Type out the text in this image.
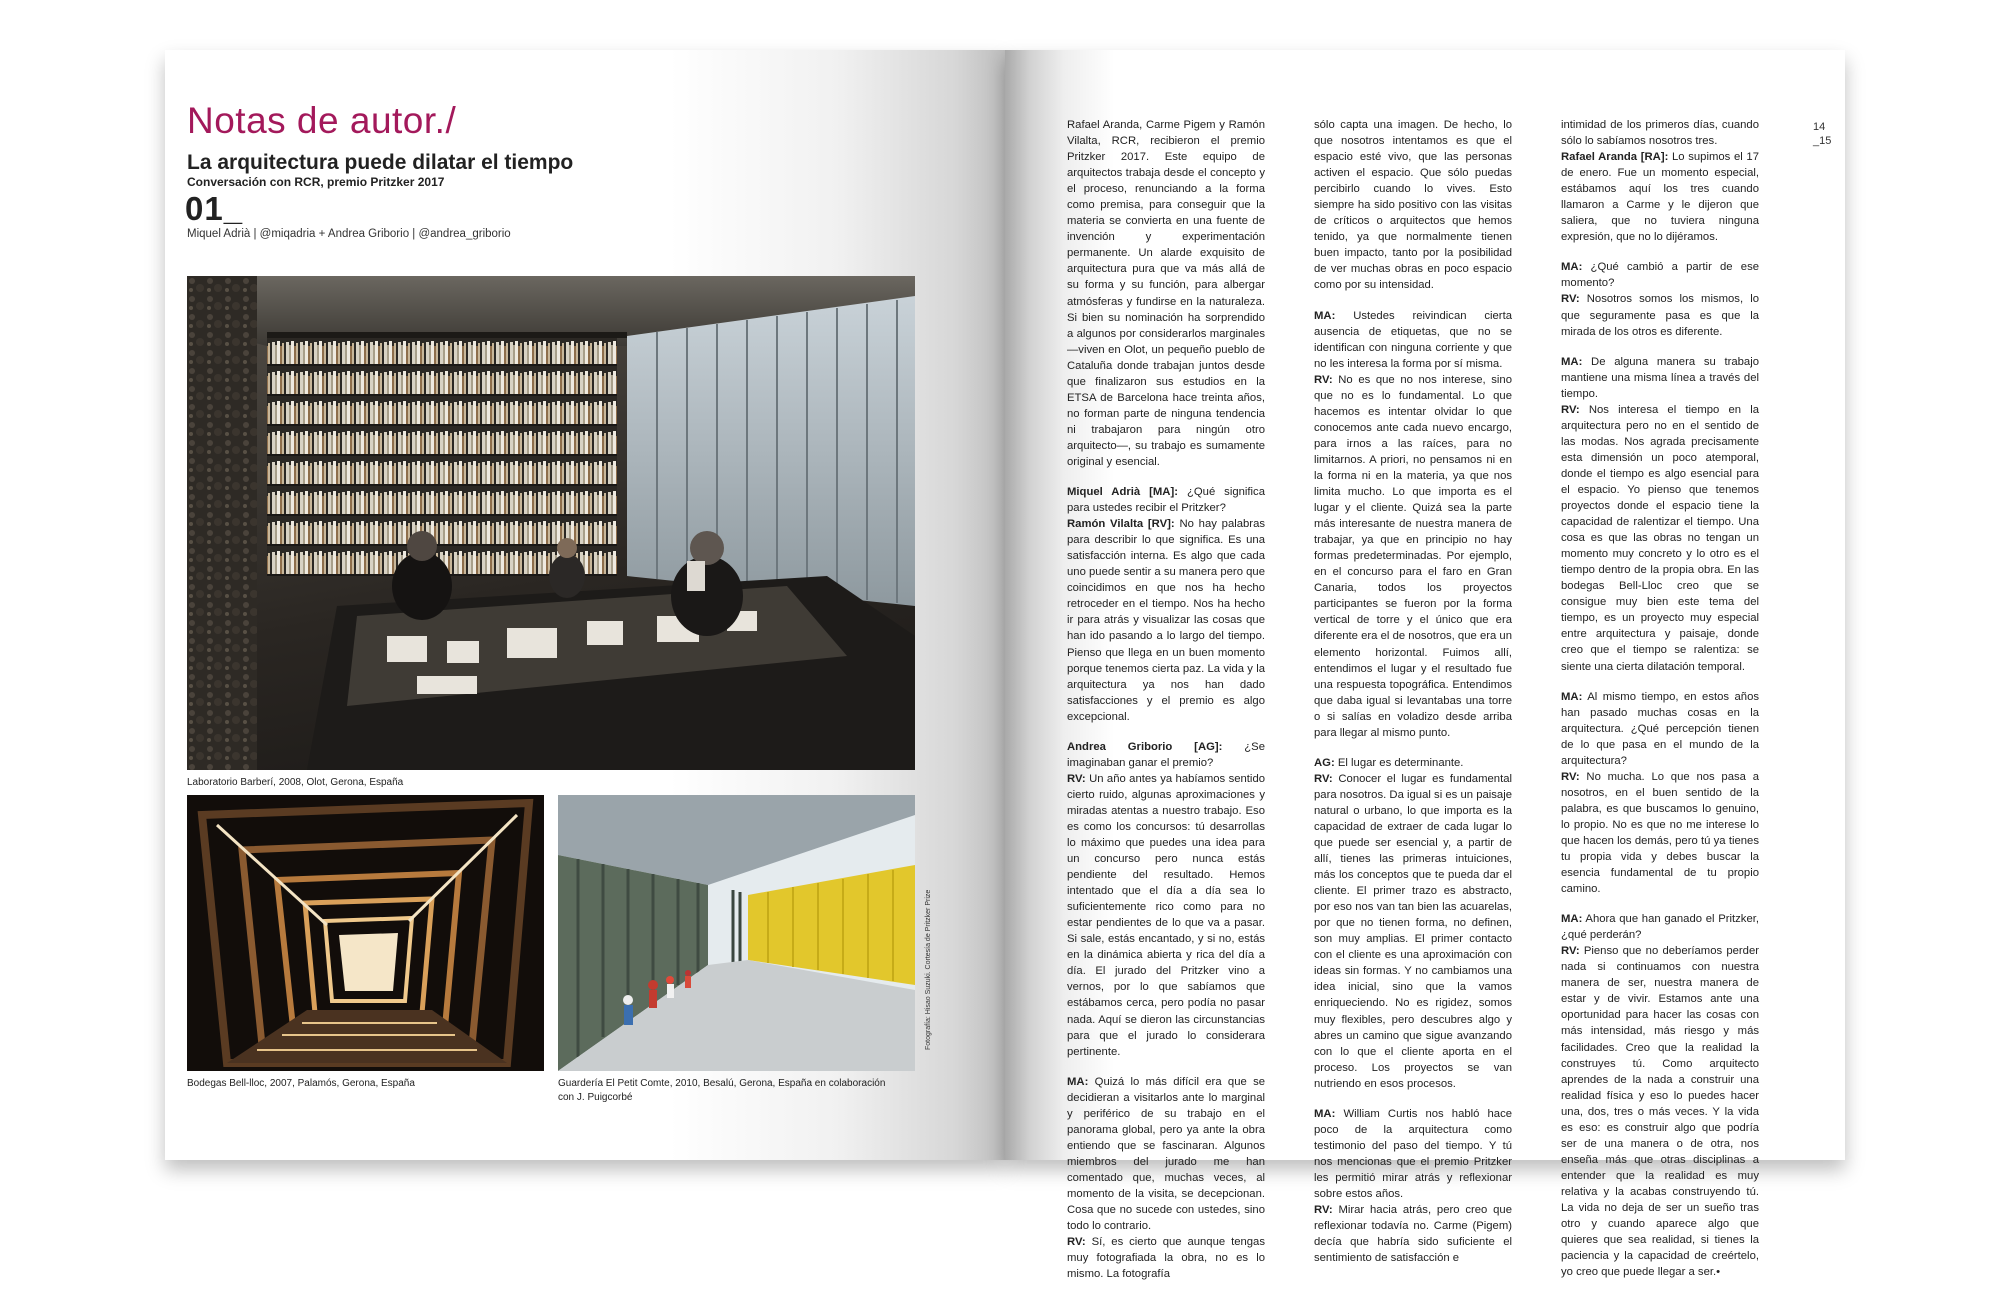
Notas de autor./
La arquitectura puede dilatar el tiempo
Conversación con RCR, premio Pritzker 2017
01_
Miquel Adrià | @miqadria + Andrea Griborio | @andrea_griborio
Laboratorio Barberí, 2008, Olot, Gerona, España
Bodegas Bell-lloc, 2007, Palamós, Gerona, España	Guardería El Petit Comte, 2010, Besalú, Gerona, España en colaboración con J. Puigcorbé
Fotografía: Hisao Suzuki. Cortesía de Pritzker Prize

Rafael Aranda, Carme Pigem y Ramón Vilalta, RCR, recibieron el premio Pritzker 2017. Este equipo de arquitectos trabaja desde el concepto y el proceso, renunciando a la forma como premisa, para conseguir que la materia se convierta en una fuente de invención y experimentación permanente. Un alarde exquisito de arquitectura pura que va más allá de su forma y su función, para albergar atmósferas y fundirse en la naturaleza. Si bien su nominación ha sorprendido a algunos por considerarlos marginales —viven en Olot, un pequeño pueblo de Cataluña donde trabajan juntos desde que finalizaron sus estudios en la ETSA de Barcelona hace treinta años, no forman parte de ninguna tendencia ni trabajaron para ningún otro arquitecto—, su trabajo es sumamente original y esencial.

Miquel Adrià [MA]: ¿Qué significa para ustedes recibir el Pritzker?
Ramón Vilalta [RV]: No hay palabras para describir lo que significa. Es una satisfacción interna. Es algo que cada uno puede sentir a su manera pero que coincidimos en que nos ha hecho retroceder en el tiempo. Nos ha hecho ir para atrás y visualizar las cosas que han ido pasando a lo largo del tiempo. Pienso que llega en un buen momento porque tenemos cierta paz. La vida y la arquitectura ya nos han dado satisfacciones y el premio es algo excepcional.

Andrea Griborio [AG]: ¿Se imaginaban ganar el premio?
RV: Un año antes ya habíamos sentido cierto ruido, algunas aproximaciones y miradas atentas a nuestro trabajo. Eso es como los concursos: tú desarrollas lo máximo que puedes una idea para un concurso pero nunca estás pendiente del resultado. Hemos intentado que el día a día sea lo suficientemente rico como para no estar pendientes de lo que va a pasar. Si sale, estás encantado, y si no, estás en la dinámica abierta y rica del día a día. El jurado del Pritzker vino a vernos, por lo que sabíamos que estábamos cerca, pero podía no pasar nada. Aquí se dieron las circunstancias para que el jurado lo considerara pertinente.

MA: Quizá lo más difícil era que se decidieran a visitarlos ante lo marginal y periférico de su trabajo en el panorama global, pero ya ante la obra entiendo que se fascinaran. Algunos miembros del jurado me han comentado que, muchas veces, al momento de la visita, se decepcionan. Cosa que no sucede con ustedes, sino todo lo contrario.
RV: Sí, es cierto que aunque tengas muy fotografiada la obra, no es lo mismo. La fotografía

sólo capta una imagen. De hecho, lo que nosotros intentamos es que el espacio esté vivo, que las personas activen el espacio. Que sólo puedas percibirlo cuando lo vives. Esto siempre ha sido positivo con las visitas de críticos o arquitectos que hemos tenido, ya que normalmente tienen buen impacto, tanto por la posibilidad de ver muchas obras en poco espacio como por su intensidad.

MA: Ustedes reivindican cierta ausencia de etiquetas, que no se identifican con ninguna corriente y que no les interesa la forma por sí misma.
RV: No es que no nos interese, sino que no es lo fundamental. Lo que hacemos es intentar olvidar lo que conocemos ante cada nuevo encargo, para irnos a las raíces, para no limitarnos. A priori, no pensamos ni en la forma ni en la materia, ya que nos limita mucho. Lo que importa es el lugar y el cliente. Quizá sea la parte más interesante de nuestra manera de trabajar, ya que en principio no hay formas predeterminadas. Por ejemplo, en el concurso para el faro en Gran Canaria, todos los proyectos participantes se fueron por la forma vertical de torre y el único que era diferente era el de nosotros, que era un elemento horizontal. Fuimos allí, entendimos el lugar y el resultado fue una respuesta topográfica. Entendimos que daba igual si levantabas una torre o si salías en voladizo desde arriba para llegar al mismo punto.

AG: El lugar es determinante.
RV: Conocer el lugar es fundamental para nosotros. Da igual si es un paisaje natural o urbano, lo que importa es la capacidad de extraer de cada lugar lo que puede ser esencial y, a partir de allí, tienes las primeras intuiciones, más los conceptos que te pueda dar el cliente. El primer trazo es abstracto, por eso nos van tan bien las acuarelas, por que no tienen forma, no definen, son muy amplias. El primer contacto con el cliente es una aproximación con ideas sin formas. Y no cambiamos una idea inicial, sino que la vamos enriqueciendo. No es rigidez, somos muy flexibles, pero descubres algo y abres un camino que sigue avanzando con lo que el cliente aporta en el proceso. Los proyectos se van nutriendo en esos procesos.

MA: William Curtis nos habló hace poco de la arquitectura como testimonio del paso del tiempo. Y tú nos mencionas que el premio Pritzker les permitió mirar atrás y reflexionar sobre estos años.
RV: Mirar hacia atrás, pero creo que reflexionar todavía no. Carme (Pigem) decía que habría sido suficiente el sentimiento de satisfacción e

intimidad de los primeros días, cuando sólo lo sabíamos nosotros tres.
Rafael Aranda [RA]: Lo supimos el 17 de enero. Fue un momento especial, estábamos aquí los tres cuando llamaron a Carme y le dijeron que saliera, que no tuviera ninguna expresión, que no lo dijéramos.

MA: ¿Qué cambió a partir de ese momento?
RV: Nosotros somos los mismos, lo que seguramente pasa es que la mirada de los otros es diferente.

MA: De alguna manera su trabajo mantiene una misma línea a través del tiempo.
RV: Nos interesa el tiempo en la arquitectura pero no en el sentido de las modas. Nos agrada precisamente esta dimensión un poco atemporal, donde el tiempo es algo esencial para el espacio. Yo pienso que tenemos proyectos donde el espacio tiene la capacidad de ralentizar el tiempo. Una cosa es que las obras no tengan un momento muy concreto y lo otro es el tiempo dentro de la propia obra. En las bodegas Bell-Lloc creo que se consigue muy bien este tema del tiempo, es un proyecto muy especial entre arquitectura y paisaje, donde creo que el tiempo se ralentiza: se siente una cierta dilatación temporal.

MA: Al mismo tiempo, en estos años han pasado muchas cosas en la arquitectura. ¿Qué percepción tienen de lo que pasa en el mundo de la arquitectura?
RV: No mucha. Lo que nos pasa a nosotros, en el buen sentido de la palabra, es que buscamos lo genuino, lo propio. No es que no me interese lo que hacen los demás, pero tú ya tienes tu propia vida y debes buscar la esencia fundamental de tu propio camino.

MA: Ahora que han ganado el Pritzker, ¿qué perderán?
RV: Pienso que no deberíamos perder nada si continuamos con nuestra manera de ser, nuestra manera de estar y de vivir. Estamos ante una oportunidad para hacer las cosas con más intensidad, más riesgo y más facilidades. Creo que la realidad la construyes tú. Como arquitecto aprendes de la nada a construir una realidad física y eso lo puedes hacer una, dos, tres o más veces. Y la vida es eso: es construir algo que podría ser de una manera o de otra, nos enseña más que otras disciplinas a entender que la realidad es muy relativa y la acabas construyendo tú. La vida no deja de ser un sueño tras otro y cuando aparece algo que quieres que sea realidad, si tienes la paciencia y la capacidad de creértelo, yo creo que puede llegar a ser.•

14
_15
